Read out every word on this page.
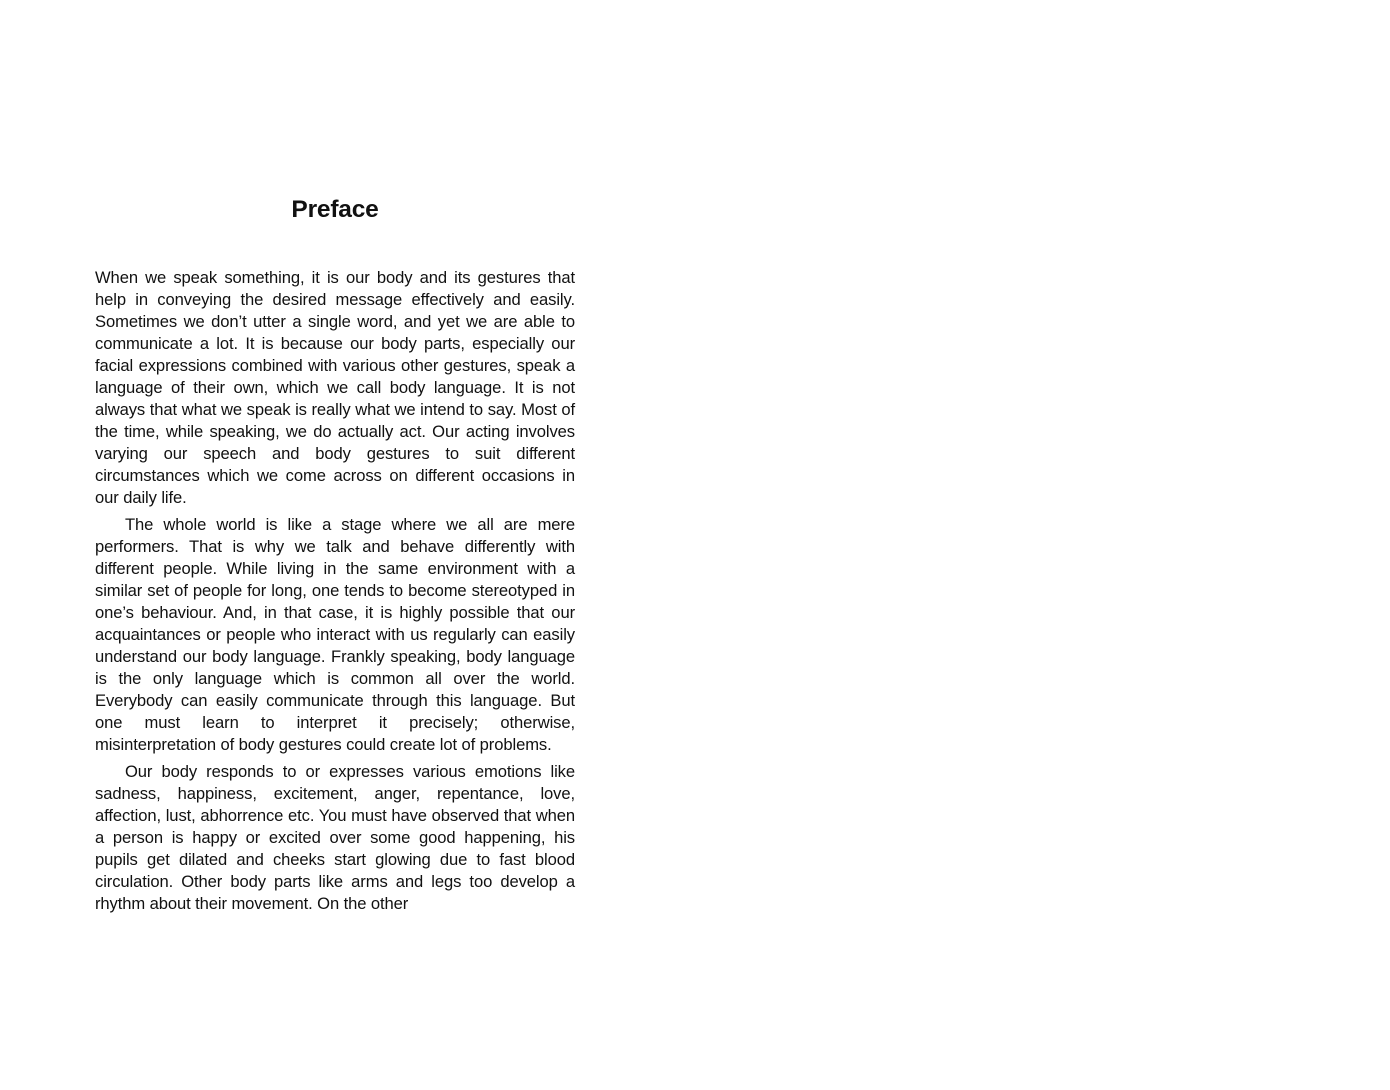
Preface

When we speak something, it is our body and its gestures that help in conveying the desired message effectively and easily. Sometimes we don’t utter a single word, and yet we are able to communicate a lot. It is because our body parts, especially our facial expressions combined with various other gestures, speak a language of their own, which we call body language. It is not always that what we speak is really what we intend to say. Most of the time, while speaking, we do actually act. Our acting involves varying our speech and body gestures to suit different circumstances which we come across on different occasions in our daily life.

The whole world is like a stage where we all are mere performers. That is why we talk and behave differently with different people. While living in the same environment with a similar set of people for long, one tends to become stereotyped in one’s behaviour. And, in that case, it is highly possible that our acquaintances or people who interact with us regularly can easily understand our body language. Frankly speaking, body language is the only language which is common all over the world. Everybody can easily communicate through this language. But one must learn to interpret it precisely; otherwise, misinterpretation of body gestures could create lot of problems.

Our body responds to or expresses various emotions like sadness, happiness, excitement, anger, repentance, love, affection, lust, abhorrence etc. You must have observed that when a person is happy or excited over some good happening, his pupils get dilated and cheeks start glowing due to fast blood circulation. Other body parts like arms and legs too develop a rhythm about their movement. On the other
